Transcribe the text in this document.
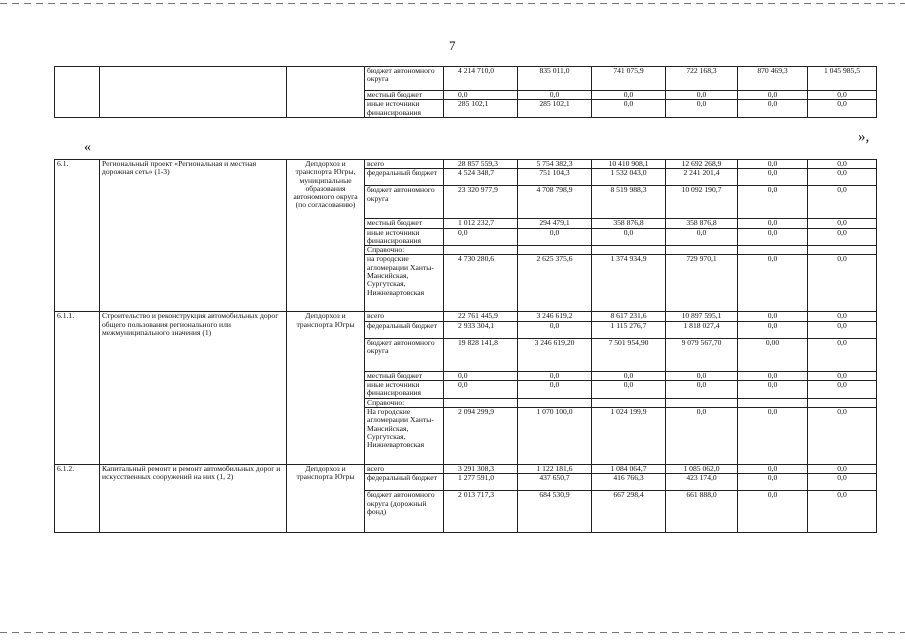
7
			бюджет автономного округа	4 214 710,0	835 011,0	741 075,9	722 168,3	870 469,3	1 045 985,5
			местный бюджет	0,0	0,0	0,0	0,0	0,0	0,0
			иные источники финансирования	285 102,1	285 102,1	0,0	0,0	0,0	0,0
«
»,
6.1.	Региональный проект «Региональная и местная дорожная сеть» (1-3)	Депдорхоз и транспорта Югры, муниципальные образования автономного округа (по согласованию)	всего	28 857 559,3	5 754 382,3	10 410 908,1	12 692 268,9	0,0	0,0
			федеральный бюджет	4 524 348,7	751 104,3	1 532 043,0	2 241 201,4	0,0	0,0
			бюджет автономного округа	23 320 977,9	4 708 798,9	8 519 988,3	10 092 190,7	0,0	0,0
			местный бюджет	1 012 232,7	294 479,1	358 876,8	358 876,8	0,0	0,0
			иные источники финансирования	0,0	0,0	0,0	0,0	0,0	0,0
			Справочно:						
			на городские агломерации Ханты-Мансийская, Сургутская, Нижневартовская	4 730 280,6	2 625 375,6	1 374 934,9	729 970,1	0,0	0,0
6.1.1.	Строительство и реконструкция автомобильных дорог общего пользования регионального или межмуниципального значения (1)	Депдорхоз и транспорта Югры	всего	22 761 445,9	3 246 619,2	8 617 231,6	10 897 595,1	0,0	0,0
			федеральный бюджет	2 933 304,1	0,0	1 115 276,7	1 818 027,4	0,0	0,0
			бюджет автономного округа	19 828 141,8	3 246 619,20	7 501 954,90	9 079 567,70	0,00	0,0
			местный бюджет	0,0	0,0	0,0	0,0	0,0	0,0
			иные источники финансирования	0,0	0,0	0,0	0,0	0,0	0,0
			Справочно:						
			На городские агломерации Ханты-Мансийская, Сургутская, Нижневартовская	2 094 299,9	1 070 100,0	1 024 199,9	0,0	0,0	0,0
6.1.2.	Капитальный ремонт и ремонт автомобильных дорог и искусственных сооружений на них (1, 2)	Депдорхоз и транспорта Югры	всего	3 291 308,3	1 122 181,6	1 084 064,7	1 085 062,0	0,0	0,0
			федеральный бюджет	1 277 591,0	437 650,7	416 766,3	423 174,0	0,0	0,0
			бюджет автономного округа (дорожный фонд)	2 013 717,3	684 530,9	667 298,4	661 888,0	0,0	0,0
